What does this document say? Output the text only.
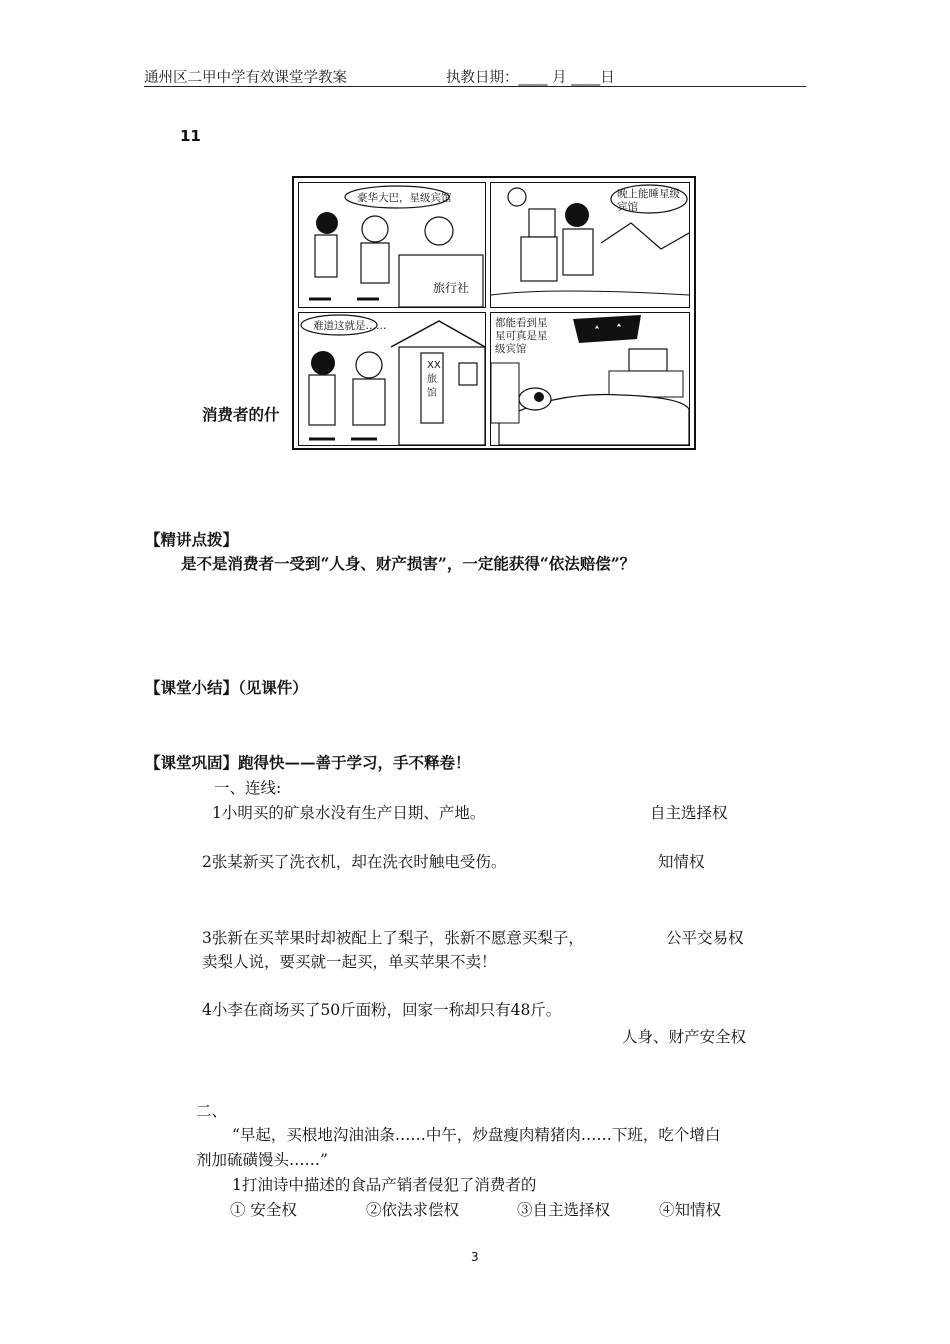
通州区二甲中学有效课堂学教案	执教日期：____ 月 ____日
11
豪华大巴，星级宾馆
旅行社
晚上能睡星级宾馆
难道这就是……
XX旅馆
都能看到星星可真是星级宾馆
消费者的什
【精讲点拨】
是不是消费者一受到“人身、财产损害”，一定能获得“依法赔偿”？
【课堂小结】（见课件）
【课堂巩固】跑得快——善于学习，手不释卷！
一、连线:
1小明买的矿泉水没有生产日期、产地。	自主选择权
2张某新买了洗衣机，却在洗衣时触电受伤。	知情权
3张新在买苹果时却被配上了梨子，张新不愿意买梨子，
卖梨人说，要买就一起买，单买苹果不卖！
公平交易权
4小李在商场买了50斤面粉，回家一称却只有48斤。
人身、财产安全权
二、
“早起，买根地沟油油条……中午，炒盘瘦肉精猪肉……下班，吃个增白
剂加硫磺馒头……”
1打油诗中描述的食品产销者侵犯了消费者的
① 安全权	②依法求偿权	③自主选择权	④知情权
3
